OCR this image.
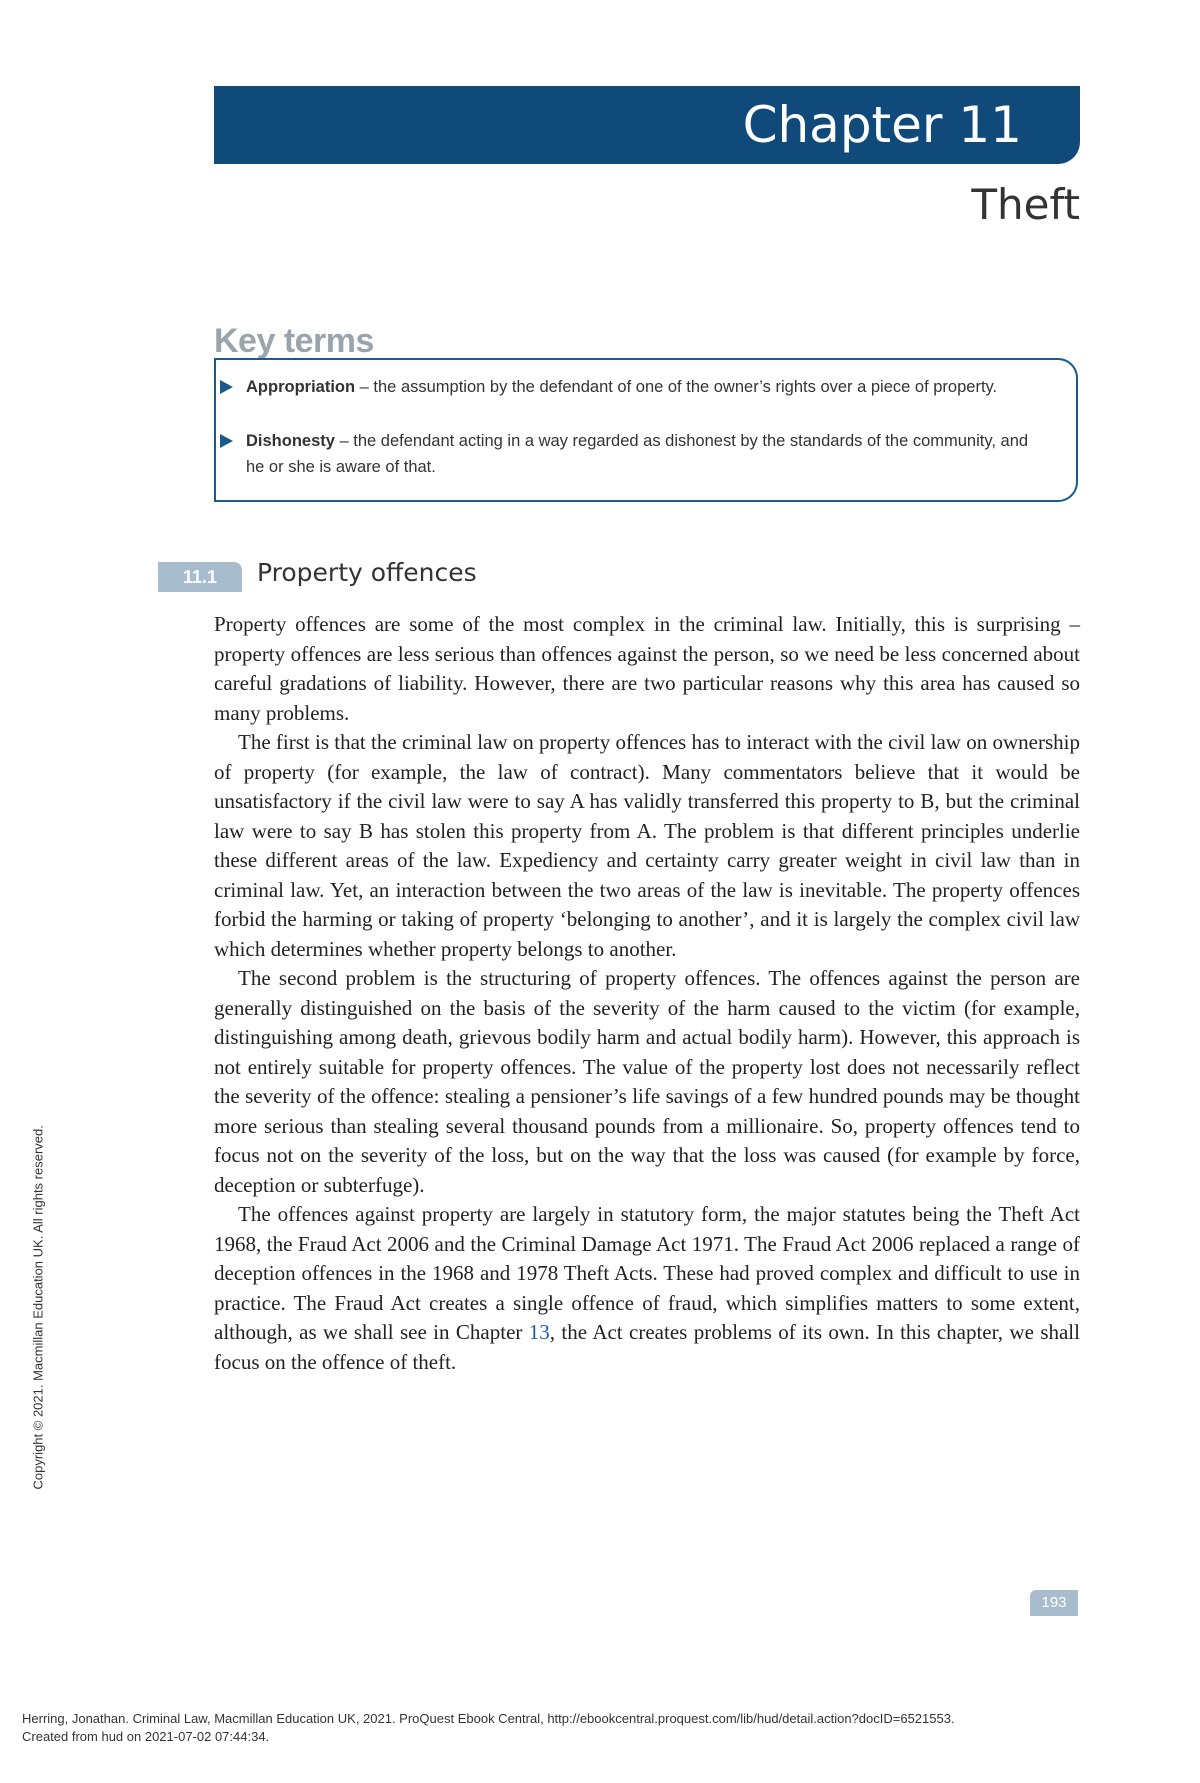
Chapter 11
Theft
Key terms
Appropriation – the assumption by the defendant of one of the owner’s rights over a piece of property.
Dishonesty – the defendant acting in a way regarded as dishonest by the standards of the community, and he or she is aware of that.
11.1	Property offences

Property offences are some of the most complex in the criminal law. Initially, this is surprising – property offences are less serious than offences against the person, so we need be less concerned about careful gradations of liability. However, there are two particular reasons why this area has caused so many problems.

The first is that the criminal law on property offences has to interact with the civil law on ownership of property (for example, the law of contract). Many commentators believe that it would be unsatisfactory if the civil law were to say A has validly transferred this property to B, but the criminal law were to say B has stolen this property from A. The problem is that different principles underlie these different areas of the law. Expediency and certainty carry greater weight in civil law than in criminal law. Yet, an interaction between the two areas of the law is inevitable. The property offences forbid the harming or taking of property ‘belonging to another’, and it is largely the complex civil law which determines whether property belongs to another.

The second problem is the structuring of property offences. The offences against the person are generally distinguished on the basis of the severity of the harm caused to the victim (for example, distinguishing among death, grievous bodily harm and actual bodily harm). However, this approach is not entirely suitable for property offences. The value of the property lost does not necessarily reflect the severity of the offence: stealing a pensioner’s life savings of a few hundred pounds may be thought more serious than stealing several thousand pounds from a millionaire. So, property offences tend to focus not on the severity of the loss, but on the way that the loss was caused (for example by force, deception or subterfuge).

The offences against property are largely in statutory form, the major statutes being the Theft Act 1968, the Fraud Act 2006 and the Criminal Damage Act 1971. The Fraud Act 2006 replaced a range of deception offences in the 1968 and 1978 Theft Acts. These had proved complex and difficult to use in practice. The Fraud Act creates a single offence of fraud, which simplifies matters to some extent, although, as we shall see in Chapter 13, the Act creates problems of its own. In this chapter, we shall focus on the offence of theft.

193
Copyright © 2021. Macmillan Education UK. All rights reserved.
Herring, Jonathan. Criminal Law, Macmillan Education UK, 2021. ProQuest Ebook Central, http://ebookcentral.proquest.com/lib/hud/detail.action?docID=6521553.
Created from hud on 2021-07-02 07:44:34.
